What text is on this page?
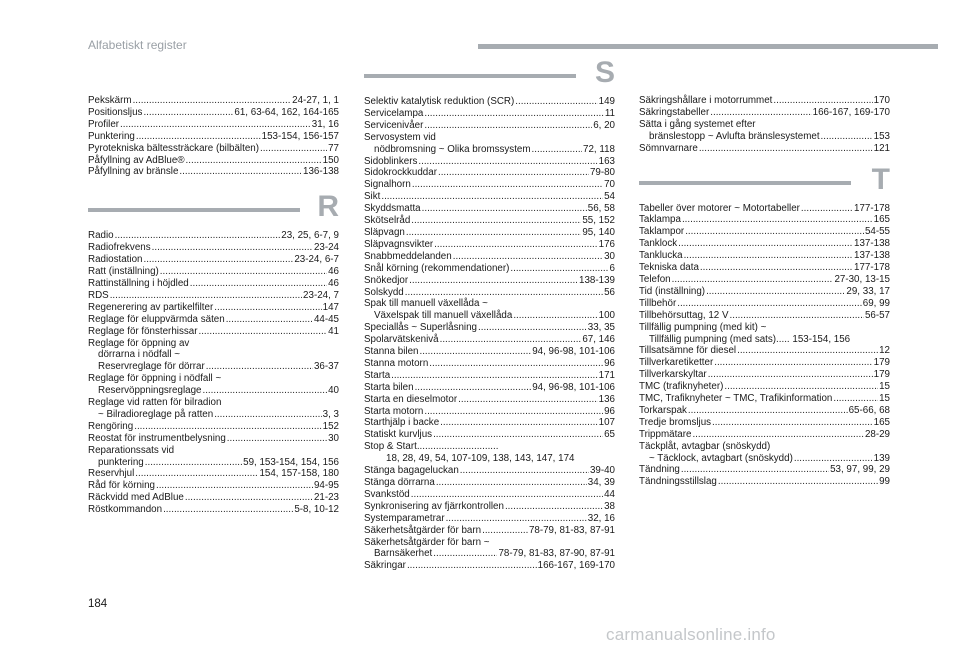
Alfabetiskt register
Pekskärm .....	24-27, 1, 1
Positionsljus .....	61, 63-64, 162, 164-165
Profiler .....	31, 16
Punktering .....	153-154, 156-157
Pyrotekniska bältessträckare (bilbälten) .....	77
Påfyllning av AdBlue® .....	150
Påfyllning av bränsle .....	136-138
R
Radio .....	23, 25, 6-7, 9
Radiofrekvens .....	23-24
Radiostation .....	23-24, 6-7
Ratt (inställning) .....	46
Rattinställning i höjdled .....	46
RDS .....	23-24, 7
Regenerering av partikelfilter .....	147
Reglage för eluppvärmda säten .....	44-45
Reglage för fönsterhissar .....	41
Reglage för öppning av
dörrarna i nödfall ~
Reservreglage för dörrar .....	36-37
Reglage för öppning i nödfall ~
Reservöppningsreglage .....	40
Reglage vid ratten för bilradion
~ Bilradioreglage på ratten .....	3, 3
Rengöring .....	152
Reostat för instrumentbelysning .....	30
Reparationssats vid
punktering .....	59, 153-154, 154, 156
Reservhjul .....	154, 157-158, 180
Råd för körning .....	94-95
Räckvidd med AdBlue .....	21-23
Röstkommandon .....	5-8, 10-12
S
Selektiv katalytisk reduktion (SCR) .....	149
Servicelampa .....	11
Servicenivåer .....	6, 20
Servosystem vid
nödbromsning ~ Olika bromssystem .....	72, 118
Sidoblinkers .....	163
Sidokrockkuddar .....	79-80
Signalhorn .....	70
Sikt .....	54
Skyddsmatta .....	56, 58
Skötselråd .....	55, 152
Släpvagn .....	95, 140
Släpvagnsvikter .....	176
Snabbmeddelanden .....	30
Snål körning (rekommendationer) .....	6
Snökedjor .....	138-139
Solskydd .....	56
Spak till manuell växellåda ~
Växelspak till manuell växellåda .....	100
Speciallås ~ Superlåsning .....	33, 35
Spolarvätskenivå .....	67, 146
Stanna bilen .....	94, 96-98, 101-106
Stanna motorn .....	96
Starta .....	171
Starta bilen .....	94, 96-98, 101-106
Starta en dieselmotor .....	136
Starta motorn .....	96
Starthjälp i backe .....	107
Statiskt kurvljus .....	65
Stop & Start..............................
18, 28, 49, 54, 107-109, 138, 143, 147, 174
Stänga bagageluckan .....	39-40
Stänga dörrarna .....	34, 39
Svankstöd .....	44
Synkronisering av fjärrkontrollen .....	38
Systemparametrar .....	32, 16
Säkerhetsåtgärder för barn .....	78-79, 81-83, 87-91
Säkerhetsåtgärder för barn ~
Barnsäkerhet .....	78-79, 81-83, 87-90, 87-91
Säkringar .....	166-167, 169-170
Säkringshållare i motorrummet .....	170
Säkringstabeller .....	166-167, 169-170
Sätta i gång systemet efter
bränslestopp ~ Avlufta bränslesystemet .....	153
Sömnvarnare .....	121
T
Tabeller över motorer ~ Motortabeller .....	177-178
Taklampa .....	165
Taklampor .....	54-55
Tanklock .....	137-138
Tanklucka .....	137-138
Tekniska data .....	177-178
Telefon .....	27-30, 13-15
Tid (inställning) .....	29, 33, 17
Tillbehör .....	69, 99
Tillbehörsuttag, 12 V .....	56-57
Tillfällig pumpning (med kit) ~
Tillfällig pumpning (med sats)..... 153-154, 156
Tillsatsämne för diesel .....	12
Tillverkaretiketter .....	179
Tillverkarskyltar .....	179
TMC (trafiknyheter) .....	15
TMC, Trafiknyheter ~ TMC, Trafikinformation .....	15
Torkarspak .....	65-66, 68
Tredje bromsljus .....	165
Trippmätare .....	28-29
Täckplåt, avtagbar (snöskydd)
~ Täcklock, avtagbart (snöskydd) .....	139
Tändning .....	53, 97, 99, 29
Tändningsstillslag .....	99
184
carmanualsonline.info
